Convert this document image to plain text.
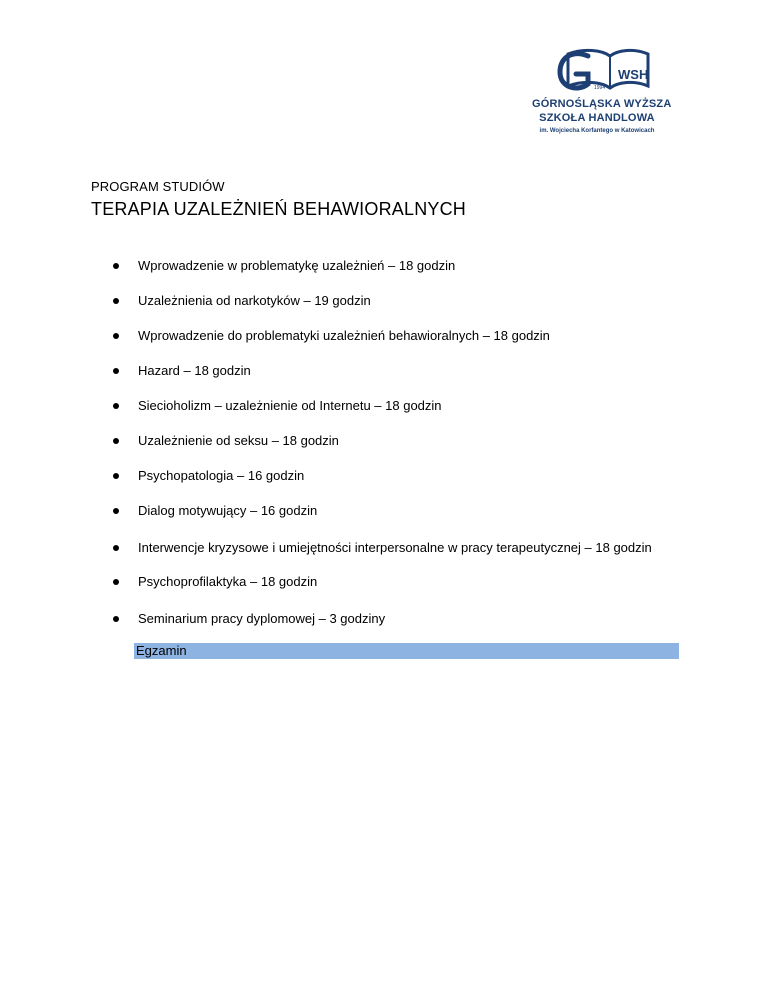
WSH
1994
GÓRNOŚLĄSKA WYŻSZA
SZKOŁA HANDLOWA
im. Wojciecha Korfantego w Katowicach
PROGRAM STUDIÓW
TERAPIA UZALEŻNIEŃ BEHAWIORALNYCH
Wprowadzenie w problematykę uzależnień – 18 godzin
Uzależnienia od narkotyków – 19 godzin
Wprowadzenie do problematyki uzależnień behawioralnych – 18 godzin
Hazard – 18 godzin
Siecioholizm – uzależnienie od Internetu – 18 godzin
Uzależnienie od seksu – 18 godzin
Psychopatologia – 16 godzin
Dialog motywujący – 16 godzin
Interwencje kryzysowe i umiejętności interpersonalne w pracy terapeutycznej – 18 godzin
Psychoprofilaktyka – 18 godzin
Seminarium pracy dyplomowej – 3 godziny
Egzamin
